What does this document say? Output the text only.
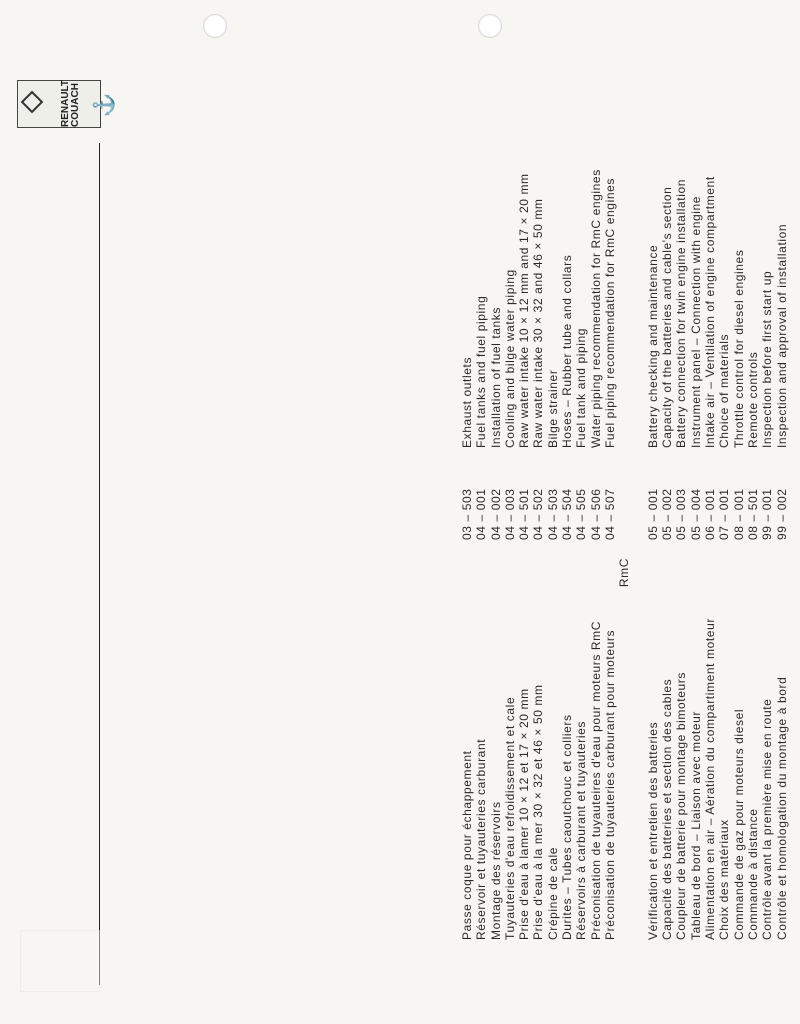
RENAULT COUACH ⚓
Passe coque pour échappement
03 – 503
Exhaust outlets
Réservoir et tuyauteries carburant
04 – 001
Fuel tanks and fuel piping
Montage des réservoirs
04 – 002
Installation of fuel tanks
Tuyauteries d'eau refroidissement et cale
04 – 003
Cooling and bilge water piping
Prise d'eau à lamer 10 × 12 et 17 × 20 mm
04 – 501
Raw water intake 10 × 12 mm and 17 × 20 mm
Prise d'eau à la mer 30 × 32 et 46 × 50 mm
04 – 502
Raw water intake 30 × 32 and 46 × 50 mm
Crépine de cale
04 – 503
Bilge strainer
Durites – Tubes caoutchouc et colliers
04 – 504
Hoses – Rubber tube and collars
Réservoirs à carburant et tuyauteries
04 – 505
Fuel tank and piping
Préconisation de tuyauteires d'eau pour moteurs RmC
04 – 506
Water piping recommendation for RmC engines
Préconisation de tuyauteries carburant pour moteurs
04 – 507
Fuel piping recommendation for RmC engines
RmC
Vérification et entretien des batteries
05 – 001
Battery checking and maintenance
Capacité des batteries et section des cables
05 – 002
Capacity of the batteries and cable's section
Coupleur de batterie pour montage bimoteurs
05 – 003
Battery connection for twin engine installation
Tableau de bord – Liaison avec moteur
05 – 004
Instrument panel – Connection with engine
Alimentation en air – Aération du compartiment moteur
06 – 001
Intake air – Ventilation of engine compartment
Choix des matériaux
07 – 001
Choice of materials
Commande de gaz pour moteurs diesel
08 – 001
Throttle control for diesel engines
Commande à distance
08 – 501
Remote controls
Contrôle avant la première mise en route
99 – 001
Inspection before first start up
Contrôle et homologation du montage à bord
99 – 002
Inspection and approval of installation
